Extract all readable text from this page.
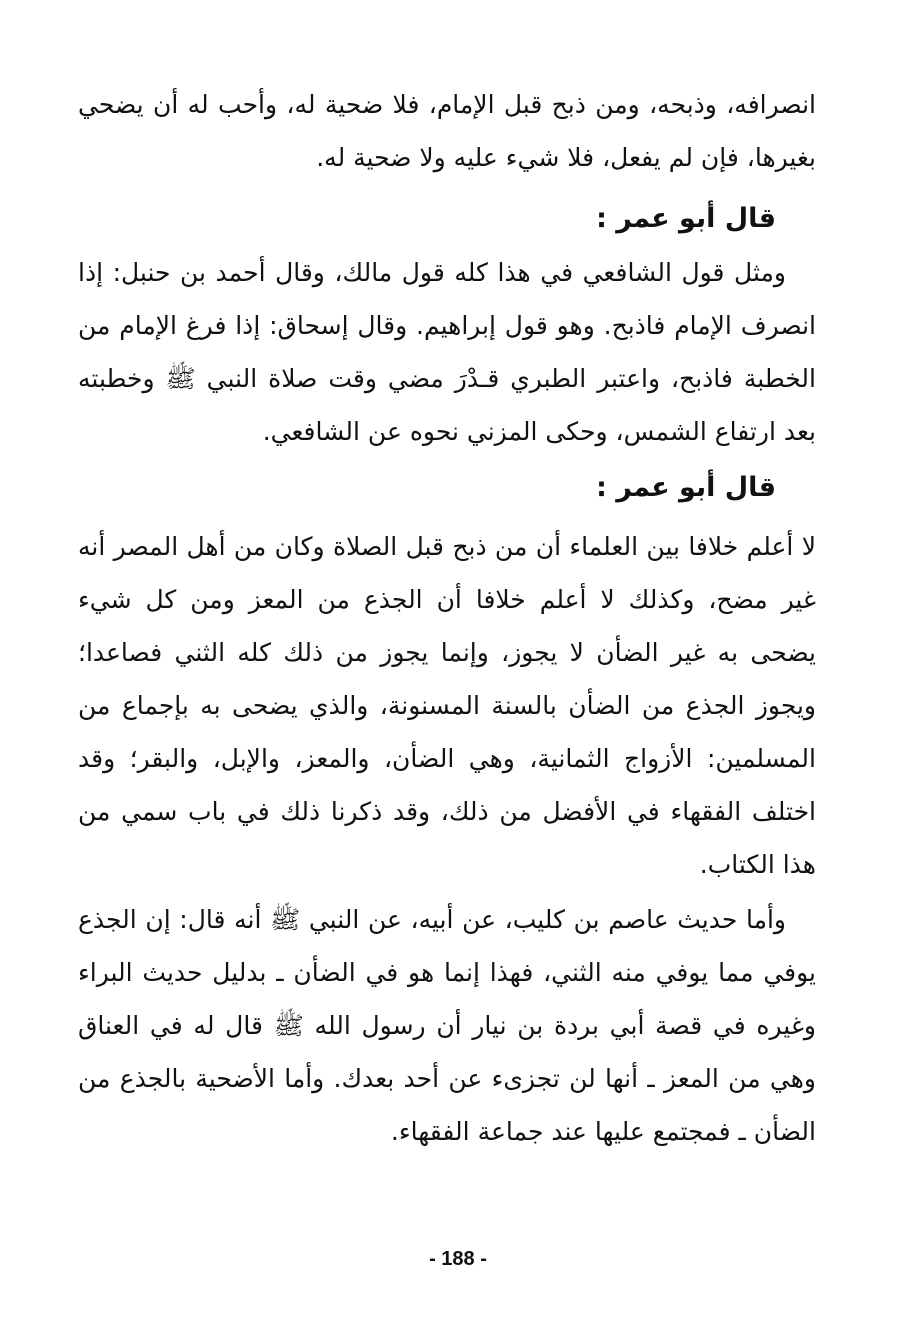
انصرافه، وذبحه، ومن ذبح قبل الإمام، فلا ضحية له، وأحب له أن يضحي بغيرها، فإن لم يفعل، فلا شيء عليه ولا ضحية له.

قال أبو عمر :

ومثل قول الشافعي في هذا كله قول مالك، وقال أحمد بن حنبل: إذا انصرف الإمام فاذبح. وهو قول إبراهيم. وقال إسحاق: إذا فرغ الإمام من الخطبة فاذبح، واعتبر الطبري قـدْرَ مضي وقت صلاة النبي ﷺ وخطبته بعد ارتفاع الشمس، وحكى المزني نحوه عن الشافعي.

قال أبو عمر :

لا أعلم خلافا بين العلماء أن من ذبح قبل الصلاة وكان من أهل المصر أنه غير مضح، وكذلك لا أعلم خلافا أن الجذع من المعز ومن كل شيء يضحى به غير الضأن لا يجوز، وإنما يجوز من ذلك كله الثني فصاعدا؛ ويجوز الجذع من الضأن بالسنة المسنونة، والذي يضحى به بإجماع من المسلمين: الأزواج الثمانية، وهي الضأن، والمعز، والإبل، والبقر؛ وقد اختلف الفقهاء في الأفضل من ذلك، وقد ذكرنا ذلك في باب سمي من هذا الكتاب.

وأما حديث عاصم بن كليب، عن أبيه، عن النبي ﷺ أنه قال: إن الجذع يوفي مما يوفي منه الثني، فهذا إنما هو في الضأن ـ بدليل حديث البراء وغيره في قصة أبي بردة بن نيار أن رسول الله ﷺ قال له في العناق وهي من المعز ـ أنها لن تجزىء عن أحد بعدك. وأما الأضحية بالجذع من الضأن ـ فمجتمع عليها عند جماعة الفقهاء.

- 188 -
